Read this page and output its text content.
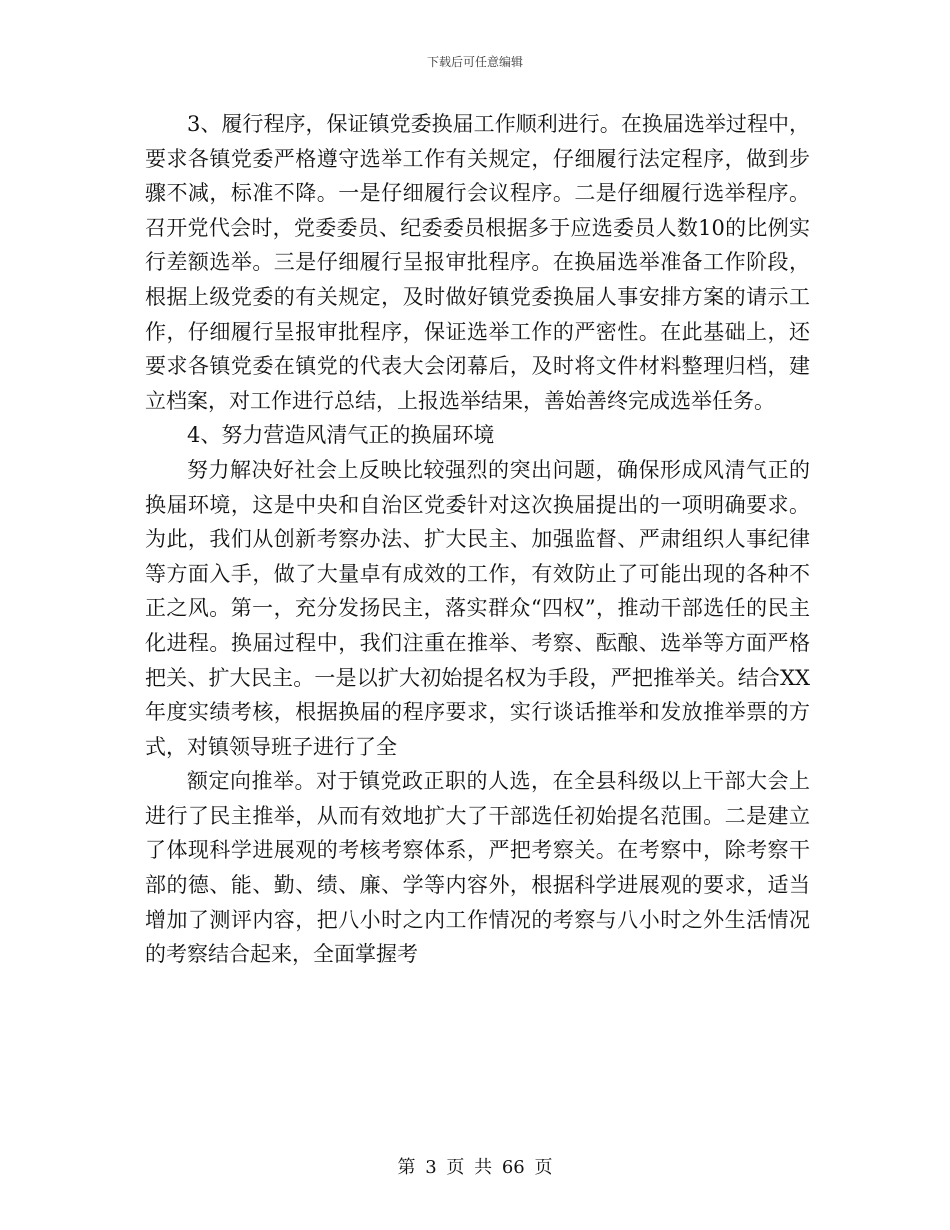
下载后可任意编辑

3、履行程序，保证镇党委换届工作顺利进行。在换届选举过程中，要求各镇党委严格遵守选举工作有关规定，仔细履行法定程序，做到步骤不减，标准不降。一是仔细履行会议程序。二是仔细履行选举程序。召开党代会时，党委委员、纪委委员根据多于应选委员人数10的比例实行差额选举。三是仔细履行呈报审批程序。在换届选举准备工作阶段，根据上级党委的有关规定，及时做好镇党委换届人事安排方案的请示工作，仔细履行呈报审批程序，保证选举工作的严密性。在此基础上，还要求各镇党委在镇党的代表大会闭幕后，及时将文件材料整理归档，建立档案，对工作进行总结，上报选举结果，善始善终完成选举任务。

4、努力营造风清气正的换届环境

努力解决好社会上反映比较强烈的突出问题，确保形成风清气正的换届环境，这是中央和自治区党委针对这次换届提出的一项明确要求。为此，我们从创新考察办法、扩大民主、加强监督、严肃组织人事纪律等方面入手，做了大量卓有成效的工作，有效防止了可能出现的各种不正之风。第一，充分发扬民主，落实群众“四权”，推动干部选任的民主化进程。换届过程中，我们注重在推举、考察、酝酿、选举等方面严格把关、扩大民主。一是以扩大初始提名权为手段，严把推举关。结合XX年度实绩考核，根据换届的程序要求，实行谈话推举和发放推举票的方式，对镇领导班子进行了全

额定向推举。对于镇党政正职的人选，在全县科级以上干部大会上进行了民主推举，从而有效地扩大了干部选任初始提名范围。二是建立了体现科学进展观的考核考察体系，严把考察关。在考察中，除考察干部的德、能、勤、绩、廉、学等内容外，根据科学进展观的要求，适当增加了测评内容，把八小时之内工作情况的考察与八小时之外生活情况的考察结合起来，全面掌握考

第 3 页 共 66 页
